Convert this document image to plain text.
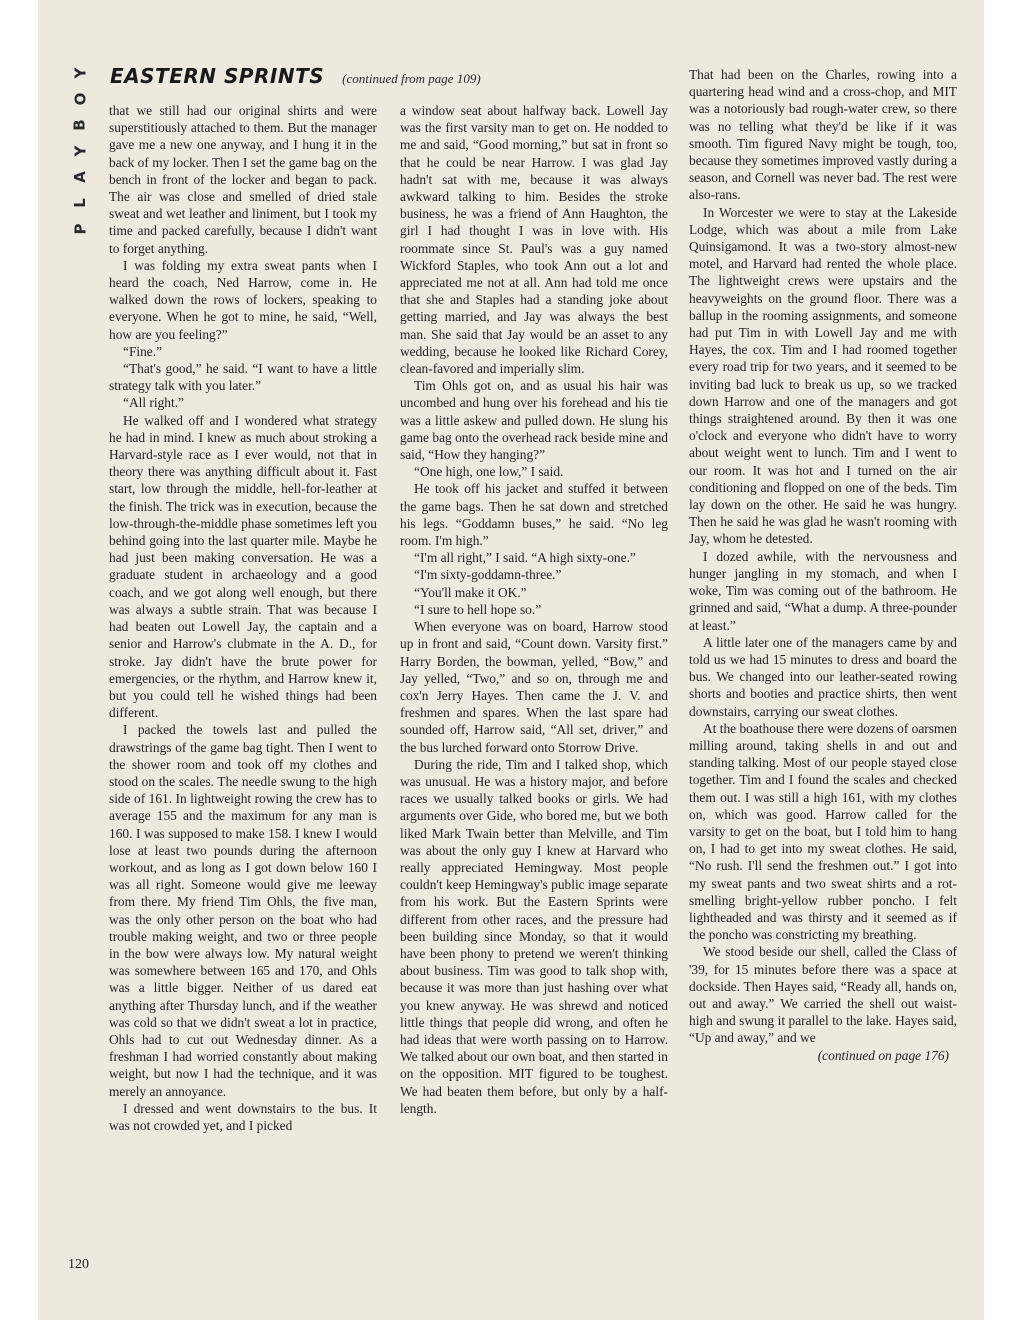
Y
O
B
Y
A
L
P
EASTERN SPRINTS (continued from page 109)

that we still had our original shirts and were superstitiously attached to them. But the manager gave me a new one anyway, and I hung it in the back of my locker. Then I set the game bag on the bench in front of the locker and began to pack. The air was close and smelled of dried stale sweat and wet leather and liniment, but I took my time and packed carefully, because I didn't want to forget anything.

I was folding my extra sweat pants when I heard the coach, Ned Harrow, come in. He walked down the rows of lockers, speaking to everyone. When he got to mine, he said, “Well, how are you feeling?”

“Fine.”

“That's good,” he said. “I want to have a little strategy talk with you later.”

“All right.”

He walked off and I wondered what strategy he had in mind. I knew as much about stroking a Harvard-style race as I ever would, not that in theory there was anything difficult about it. Fast start, low through the middle, hell-for-leather at the finish. The trick was in execution, because the low-through-the-middle phase sometimes left you behind going into the last quarter mile. Maybe he had just been making conversation. He was a graduate student in archaeology and a good coach, and we got along well enough, but there was always a subtle strain. That was because I had beaten out Lowell Jay, the captain and a senior and Harrow's clubmate in the A. D., for stroke. Jay didn't have the brute power for emergencies, or the rhythm, and Harrow knew it, but you could tell he wished things had been different.

I packed the towels last and pulled the drawstrings of the game bag tight. Then I went to the shower room and took off my clothes and stood on the scales. The needle swung to the high side of 161. In lightweight rowing the crew has to average 155 and the maximum for any man is 160. I was supposed to make 158. I knew I would lose at least two pounds during the afternoon workout, and as long as I got down below 160 I was all right. Someone would give me leeway from there. My friend Tim Ohls, the five man, was the only other person on the boat who had trouble making weight, and two or three people in the bow were always low. My natural weight was somewhere between 165 and 170, and Ohls was a little bigger. Neither of us dared eat anything after Thursday lunch, and if the weather was cold so that we didn't sweat a lot in practice, Ohls had to cut out Wednesday dinner. As a freshman I had worried constantly about making weight, but now I had the technique, and it was merely an annoyance.

I dressed and went downstairs to the bus. It was not crowded yet, and I picked

a window seat about halfway back. Lowell Jay was the first varsity man to get on. He nodded to me and said, “Good morning,” but sat in front so that he could be near Harrow. I was glad Jay hadn't sat with me, because it was always awkward talking to him. Besides the stroke business, he was a friend of Ann Haughton, the girl I had thought I was in love with. His roommate since St. Paul's was a guy named Wickford Staples, who took Ann out a lot and appreciated me not at all. Ann had told me once that she and Staples had a standing joke about getting married, and Jay was always the best man. She said that Jay would be an asset to any wedding, because he looked like Richard Corey, clean-favored and imperially slim.

Tim Ohls got on, and as usual his hair was uncombed and hung over his forehead and his tie was a little askew and pulled down. He slung his game bag onto the overhead rack beside mine and said, “How they hanging?”

“One high, one low,” I said.

He took off his jacket and stuffed it between the game bags. Then he sat down and stretched his legs. “Goddamn buses,” he said. “No leg room. I'm high.”

“I'm all right,” I said. “A high sixty-one.”

“I'm sixty-goddamn-three.”

“You'll make it OK.”

“I sure to hell hope so.”

When everyone was on board, Harrow stood up in front and said, “Count down. Varsity first.” Harry Borden, the bowman, yelled, “Bow,” and Jay yelled, “Two,” and so on, through me and cox'n Jerry Hayes. Then came the J. V. and freshmen and spares. When the last spare had sounded off, Harrow said, “All set, driver,” and the bus lurched forward onto Storrow Drive.

During the ride, Tim and I talked shop, which was unusual. He was a history major, and before races we usually talked books or girls. We had arguments over Gide, who bored me, but we both liked Mark Twain better than Melville, and Tim was about the only guy I knew at Harvard who really appreciated Hemingway. Most people couldn't keep Hemingway's public image separate from his work. But the Eastern Sprints were different from other races, and the pressure had been building since Monday, so that it would have been phony to pretend we weren't thinking about business. Tim was good to talk shop with, because it was more than just hashing over what you knew anyway. He was shrewd and noticed little things that people did wrong, and often he had ideas that were worth passing on to Harrow. We talked about our own boat, and then started in on the opposition. MIT figured to be toughest. We had beaten them before, but only by a half-length.

That had been on the Charles, rowing into a quartering head wind and a cross-chop, and MIT was a notoriously bad rough-water crew, so there was no telling what they'd be like if it was smooth. Tim figured Navy might be tough, too, because they sometimes improved vastly during a season, and Cornell was never bad. The rest were also-rans.

In Worcester we were to stay at the Lakeside Lodge, which was about a mile from Lake Quinsigamond. It was a two-story almost-new motel, and Harvard had rented the whole place. The lightweight crews were upstairs and the heavyweights on the ground floor. There was a ballup in the rooming assignments, and someone had put Tim in with Lowell Jay and me with Hayes, the cox. Tim and I had roomed together every road trip for two years, and it seemed to be inviting bad luck to break us up, so we tracked down Harrow and one of the managers and got things straightened around. By then it was one o'clock and everyone who didn't have to worry about weight went to lunch. Tim and I went to our room. It was hot and I turned on the air conditioning and flopped on one of the beds. Tim lay down on the other. He said he was hungry. Then he said he was glad he wasn't rooming with Jay, whom he detested.

I dozed awhile, with the nervousness and hunger jangling in my stomach, and when I woke, Tim was coming out of the bathroom. He grinned and said, “What a dump. A three-pounder at least.”

A little later one of the managers came by and told us we had 15 minutes to dress and board the bus. We changed into our leather-seated rowing shorts and booties and practice shirts, then went downstairs, carrying our sweat clothes.

At the boathouse there were dozens of oarsmen milling around, taking shells in and out and standing talking. Most of our people stayed close together. Tim and I found the scales and checked them out. I was still a high 161, with my clothes on, which was good. Harrow called for the varsity to get on the boat, but I told him to hang on, I had to get into my sweat clothes. He said, “No rush. I'll send the freshmen out.” I got into my sweat pants and two sweat shirts and a rot-smelling bright-yellow rubber poncho. I felt lightheaded and was thirsty and it seemed as if the poncho was constricting my breathing.

We stood beside our shell, called the Class of '39, for 15 minutes before there was a space at dockside. Then Hayes said, “Ready all, hands on, out and away.” We carried the shell out waist-high and swung it parallel to the lake. Hayes said, “Up and away,” and we

(continued on page 176)
120
